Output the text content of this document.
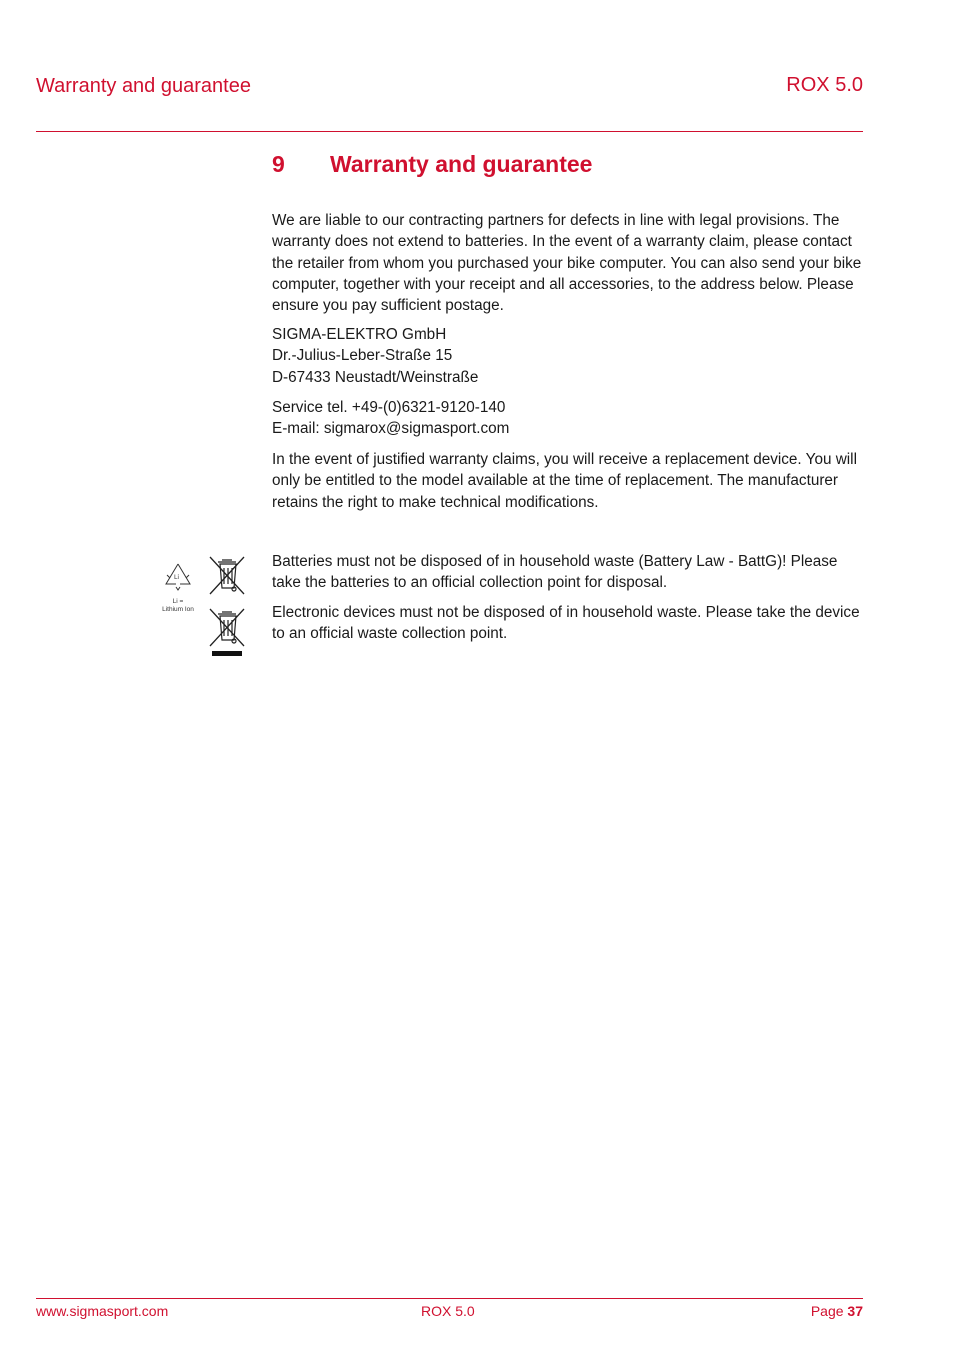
Warranty and guarantee	ROX 5.0
9 Warranty and guarantee

We are liable to our contracting partners for defects in line with legal provisions. The warranty does not extend to batteries. In the event of a warranty claim, please contact the retailer from whom you purchased your bike computer. You can also send your bike computer, together with your receipt and all accessories, to the address below. Please ensure you pay sufficient postage.

SIGMA-ELEKTRO GmbH

Dr.-Julius-Leber-Straße 15

D-67433 Neustadt/Weinstraße

Service tel. +49-(0)6321-9120-140

E-mail: sigmarox@sigmasport.com

In the event of justified warranty claims, you will receive a replacement device. You will only be entitled to the model available at the time of replacement. The manufacturer retains the right to make technical modifications.

Li
Li =
Lithium Ion

Batteries must not be disposed of in household waste (Battery Law - BattG)! Please take the batteries to an official collection point for disposal.

Electronic devices must not be disposed of in household waste. Please take the device to an official waste collection point.

www.sigmasport.com	ROX 5.0	Page 37
